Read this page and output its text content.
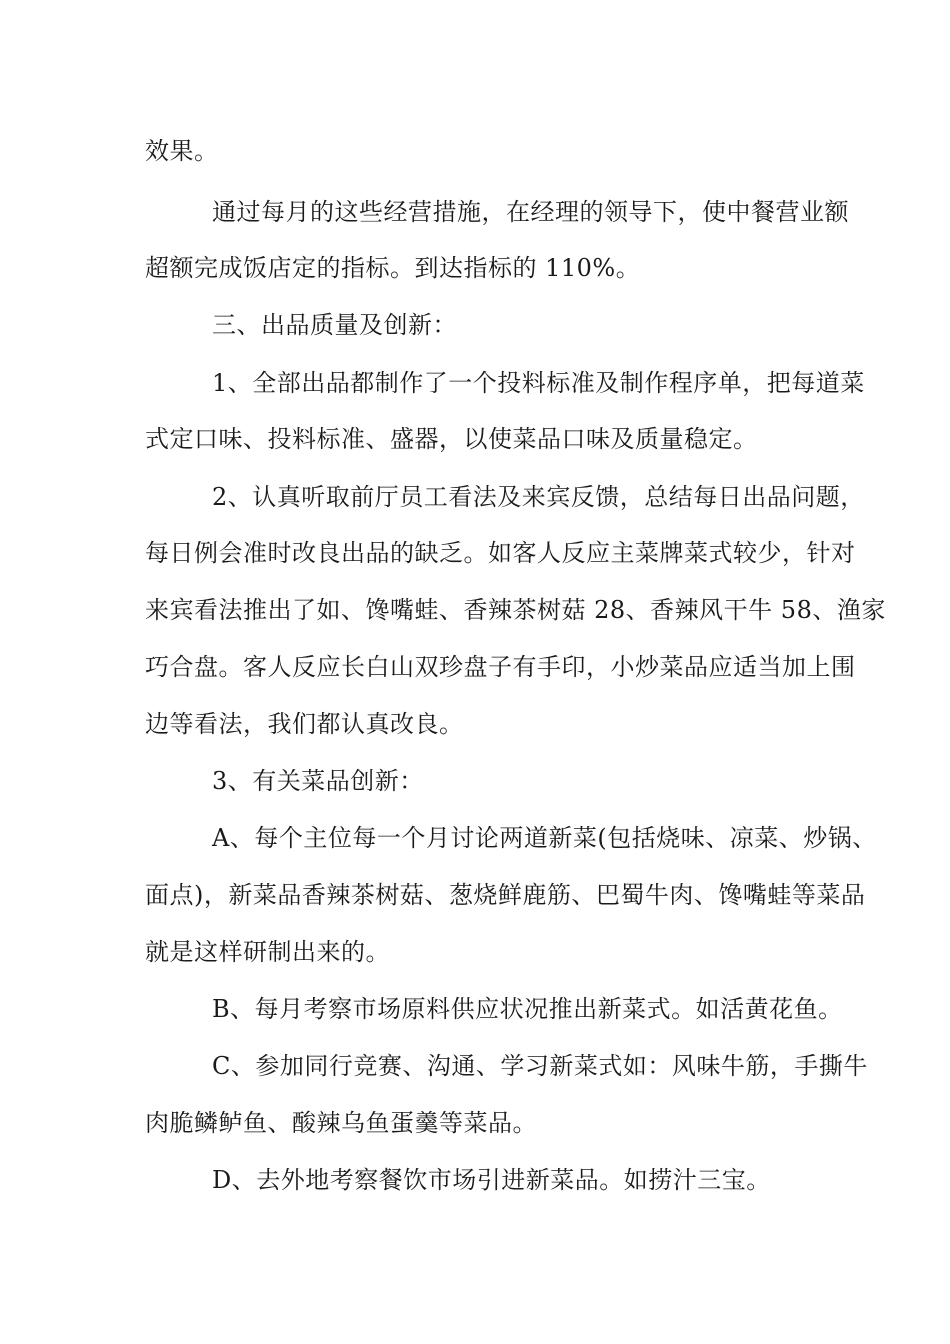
效果。
通过每月的这些经营措施，在经理的领导下，使中餐营业额
超额完成饭店定的指标。到达指标的 110%。
三、出品质量及创新：
1、全部出品都制作了一个投料标准及制作程序单，把每道菜
式定口味、投料标准、盛器，以使菜品口味及质量稳定。
2、认真听取前厅员工看法及来宾反馈，总结每日出品问题，
每日例会准时改良出品的缺乏。如客人反应主菜牌菜式较少，针对
来宾看法推出了如、馋嘴蛙、香辣茶树菇 28、香辣风干牛 58、渔家
巧合盘。客人反应长白山双珍盘子有手印，小炒菜品应适当加上围
边等看法，我们都认真改良。
3、有关菜品创新：
A、每个主位每一个月讨论两道新菜(包括烧味、凉菜、炒锅、
面点)，新菜品香辣茶树菇、葱烧鲜鹿筋、巴蜀牛肉、馋嘴蛙等菜品
就是这样研制出来的。
B、每月考察市场原料供应状况推出新菜式。如活黄花鱼。
C、参加同行竞赛、沟通、学习新菜式如：风味牛筋，手撕牛
肉脆鳞鲈鱼、酸辣乌鱼蛋羹等菜品。
D、去外地考察餐饮市场引进新菜品。如捞汁三宝。
